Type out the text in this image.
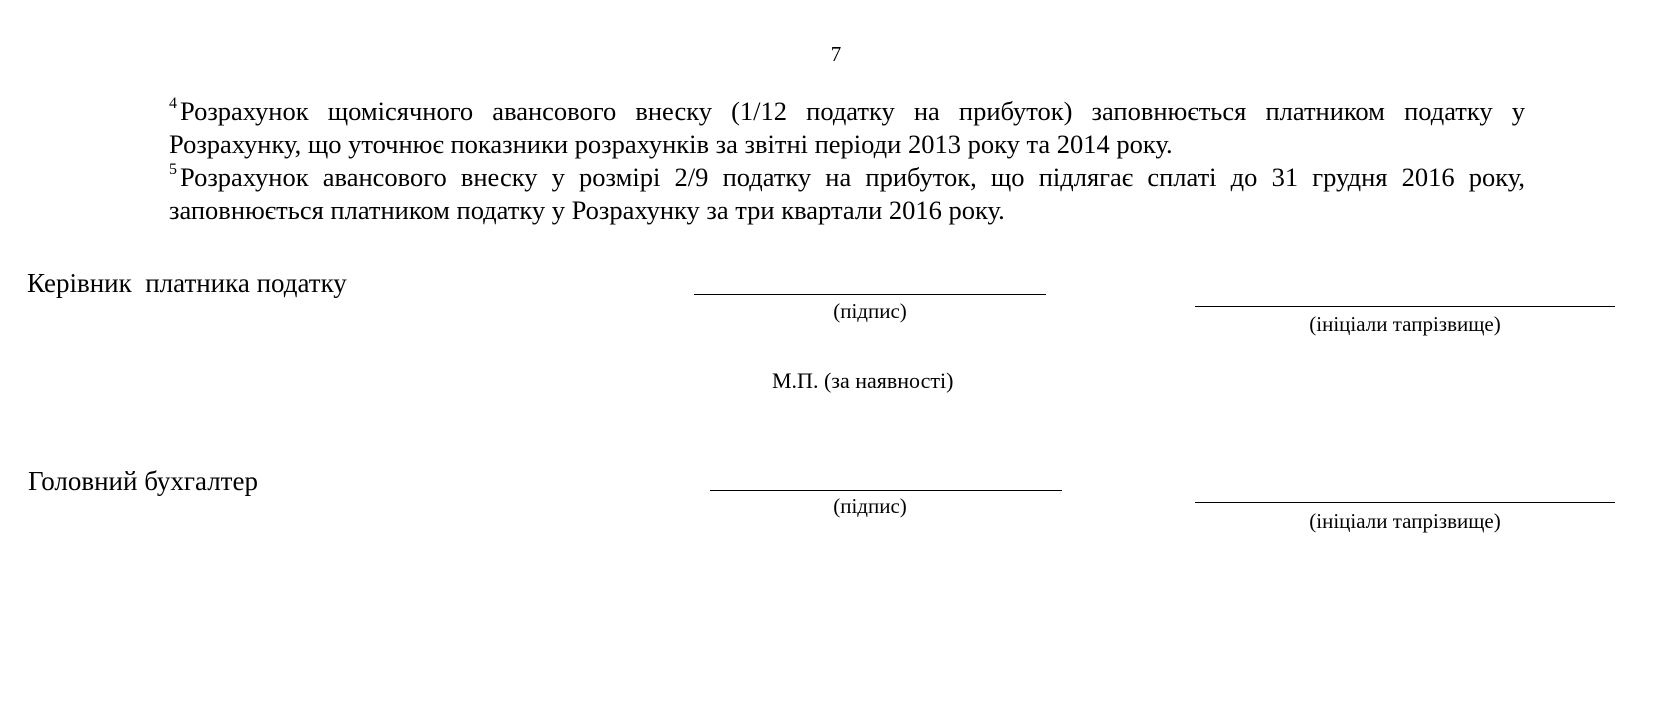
7

$^4$ Розрахунок щомісячного авансового внеску (1/12 податку на прибуток) заповнюється платником податку у Розрахунку, що уточнює показники розрахунків за звітні періоди 2013 року та 2014 року.

$^5$ Розрахунок авансового внеску у розмірі 2/9 податку на прибуток, що підлягає сплаті до 31 грудня 2016 року, заповнюється платником податку у Розрахунку за три квартали 2016 року.

Керівник  платника податку
(підпис)
(ініціали тапрізвище)
М.П. (за наявності)
Головний бухгалтер
(підпис)
(ініціали тапрізвище)
